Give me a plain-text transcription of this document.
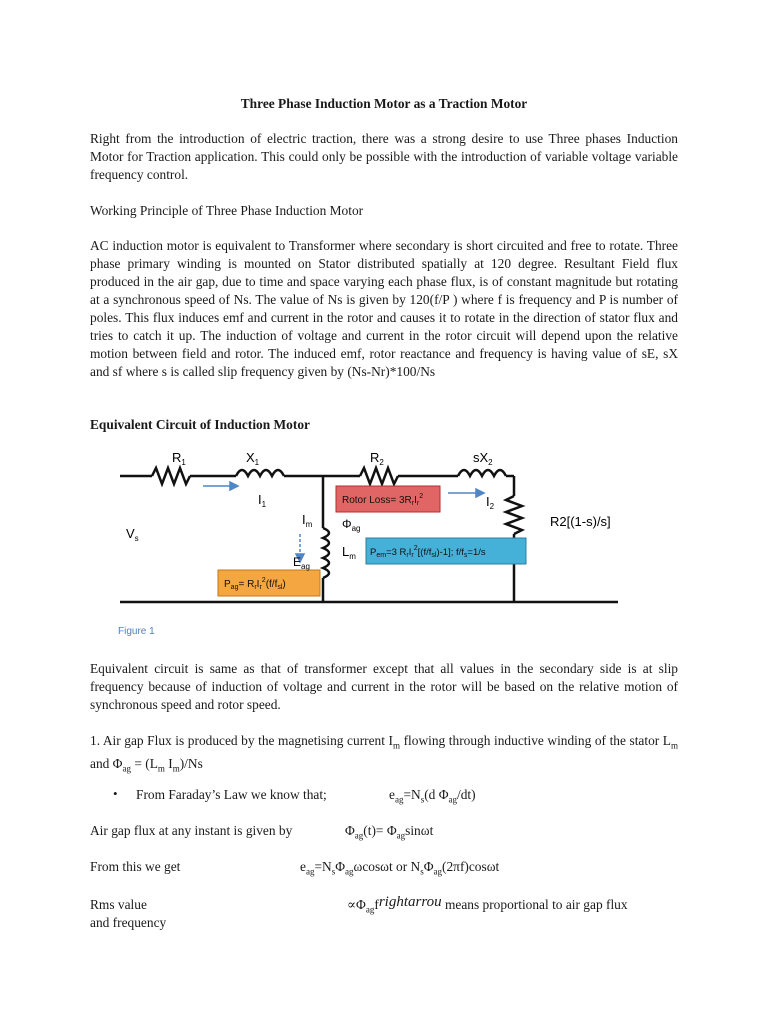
Three Phase Induction Motor as a Traction Motor
Right from the introduction of electric traction, there was a strong desire to use Three phases Induction Motor for Traction application. This could only be possible with the introduction of variable voltage variable frequency control.
Working Principle of Three Phase Induction Motor
AC induction motor is equivalent to Transformer where secondary is short circuited and free to rotate. Three phase primary winding is mounted on Stator distributed spatially at 120 degree. Resultant Field flux produced in the air gap, due to time and space varying each phase flux, is of constant magnitude but rotating at a synchronous speed of Ns. The value of Ns is given by 120(f/P ) where f is frequency and P is number of poles. This flux induces emf and current in the rotor and causes it to rotate in the direction of stator flux and tries to catch it up. The induction of voltage and current in the rotor circuit will depend upon the relative motion between field and rotor. The induced emf, rotor reactance and frequency is having value of sE, sX and sf where s is called slip frequency given by (Ns-Nr)*100/Ns
Equivalent Circuit of Induction Motor
$R_1$	$X_1$	$R_2$	$sX_2$
$I_1$	$I_2$
$I_m$
$V_s$
$\Phi_{ag}$
$L_m$
$E_{ag}$
R2[(1-s)/s]
Rotor Loss= $3R_rI_r^2$
$P_{em}=3$ $R_rI_r^2[(f/f_{sl})-1]$; $f/f_s=1/s$
$P_{ag}= R_rI_r^2(f/f_{sl})$
Figure 1
Equivalent circuit is same as that of transformer except that all values in the secondary side is at slip frequency because of induction of voltage and current in the rotor will be based on the relative motion of synchronous speed and rotor speed.
1. Air gap Flux is produced by the magnetising current $I_m$ flowing through inductive winding of the stator $L_m$ and $\Phi_{ag} = (L_m$ $I_m)/Ns$
• From Faraday’s Law we know that;	$e_{ag}=N_s(d$ $\Phi_{ag}/dt$)
Air gap flux at any instant is given by	$\Phi_{ag}(t)= \Phi_{ag}\sin\omega t$
From this we get	$e_{ag}=N_s\Phi_{ag}\omega\cos\omega t$ or $N_s\Phi_{ag}(2\pi f)\cos\omega t$
Rms value
and frequency
$\propto\Phi_{ag}frightarrou$ means proportional to air gap flux
